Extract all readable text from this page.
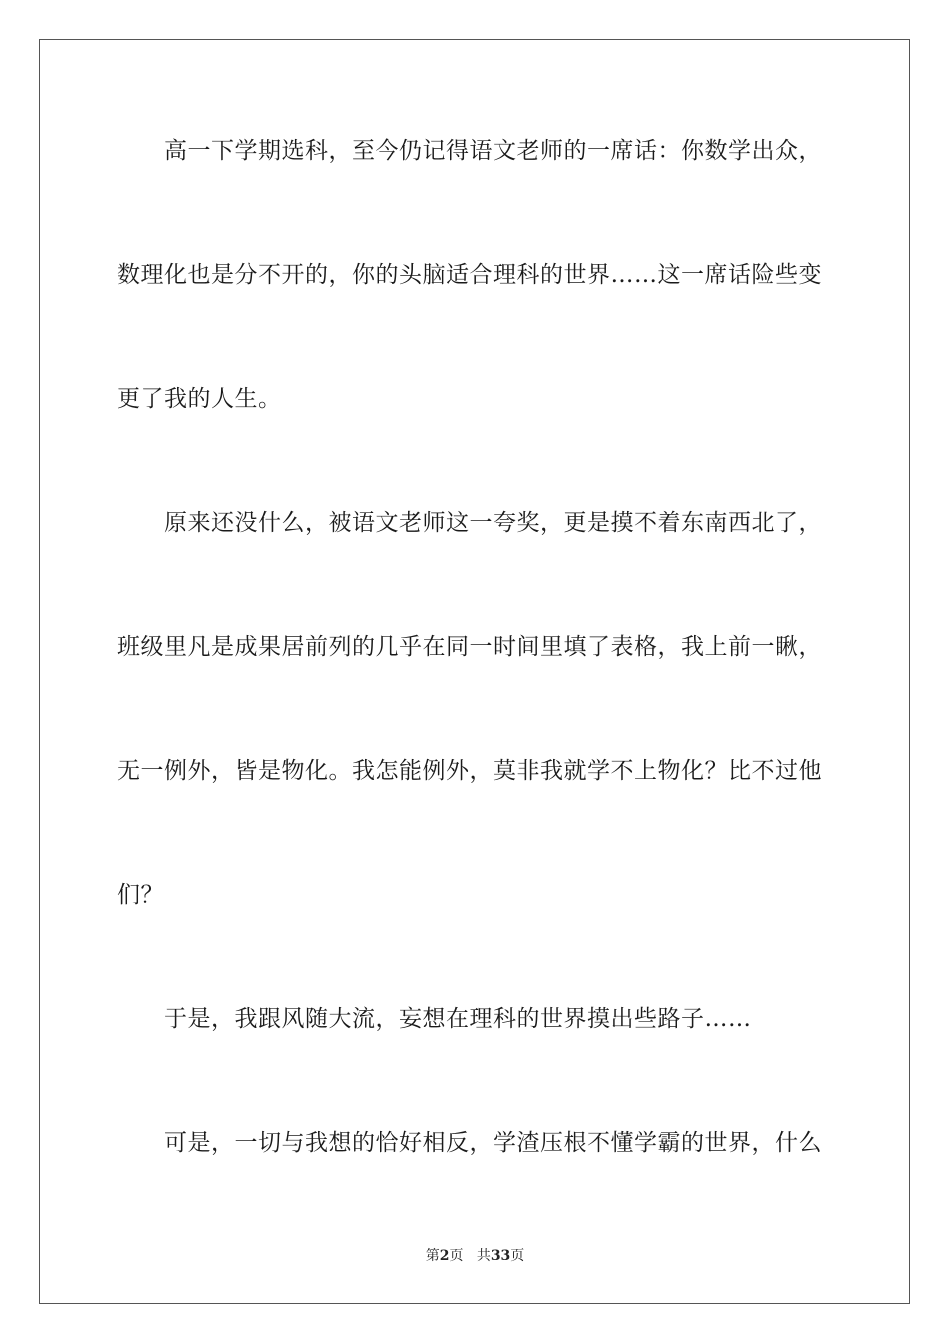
高一下学期选科，至今仍记得语文老师的一席话：你数学出众，
数理化也是分不开的，你的头脑适合理科的世界……这一席话险些变
更了我的人生。
原来还没什么，被语文老师这一夸奖，更是摸不着东南西北了，
班级里凡是成果居前列的几乎在同一时间里填了表格，我上前一瞅，
无一例外，皆是物化。我怎能例外，莫非我就学不上物化？比不过他
们？
于是，我跟风随大流，妄想在理科的世界摸出些路子……
可是，一切与我想的恰好相反，学渣压根不懂学霸的世界，什么
第2页 共33页
